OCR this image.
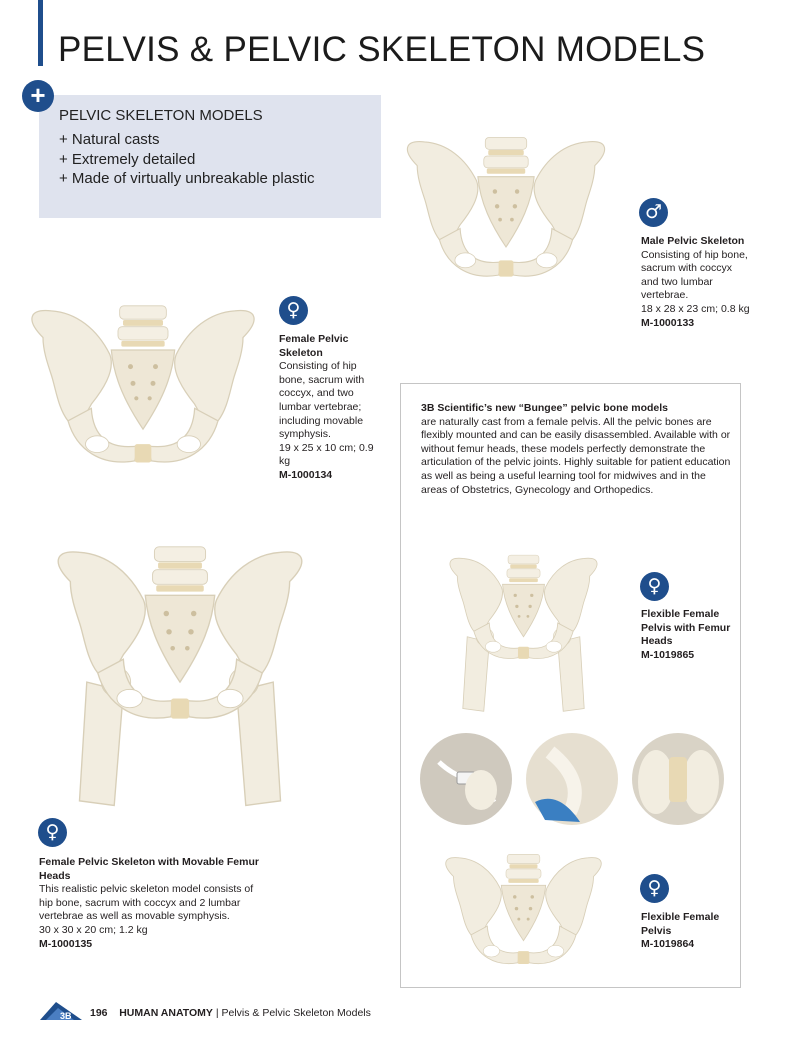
PELVIS & PELVIC SKELETON MODELS
+
PELVIC SKELETON MODELS
+ Natural casts
+ Extremely detailed
+ Made of virtually unbreakable plastic
♂
Male Pelvic Skeleton
Consisting of hip bone, sacrum with coccyx and two lumbar vertebrae.
18 x 28 x 23 cm; 0.8 kg
M-1000133
♀
Female Pelvic Skeleton
Consisting of hip bone, sacrum with coccyx, and two lumbar vertebrae; including movable symphysis.
19 x 25 x 10 cm; 0.9 kg
M-1000134
♀
Female Pelvic Skeleton with Movable Femur Heads
This realistic pelvic skeleton model consists of hip bone, sacrum with coccyx and 2 lumbar vertebrae as well as movable symphysis.
30 x 30 x 20 cm; 1.2 kg
M-1000135
3B Scientific’s new “Bungee” pelvic bone models
are naturally cast from a female pelvis. All the pelvic bones are flexibly mounted and can be easily disassembled. Available with or without femur heads, these models perfectly demonstrate the articulation of the pelvic joints. Highly suitable for patient education as well as being a useful learning tool for midwives and in the areas of Obstetrics, Gynecology and Orthopedics.
♀
Flexible Female Pelvis with Femur Heads
M-1019865
♀
Flexible Female Pelvis
M-1019864
3B 196 HUMAN ANATOMY | Pelvis & Pelvic Skeleton Models
